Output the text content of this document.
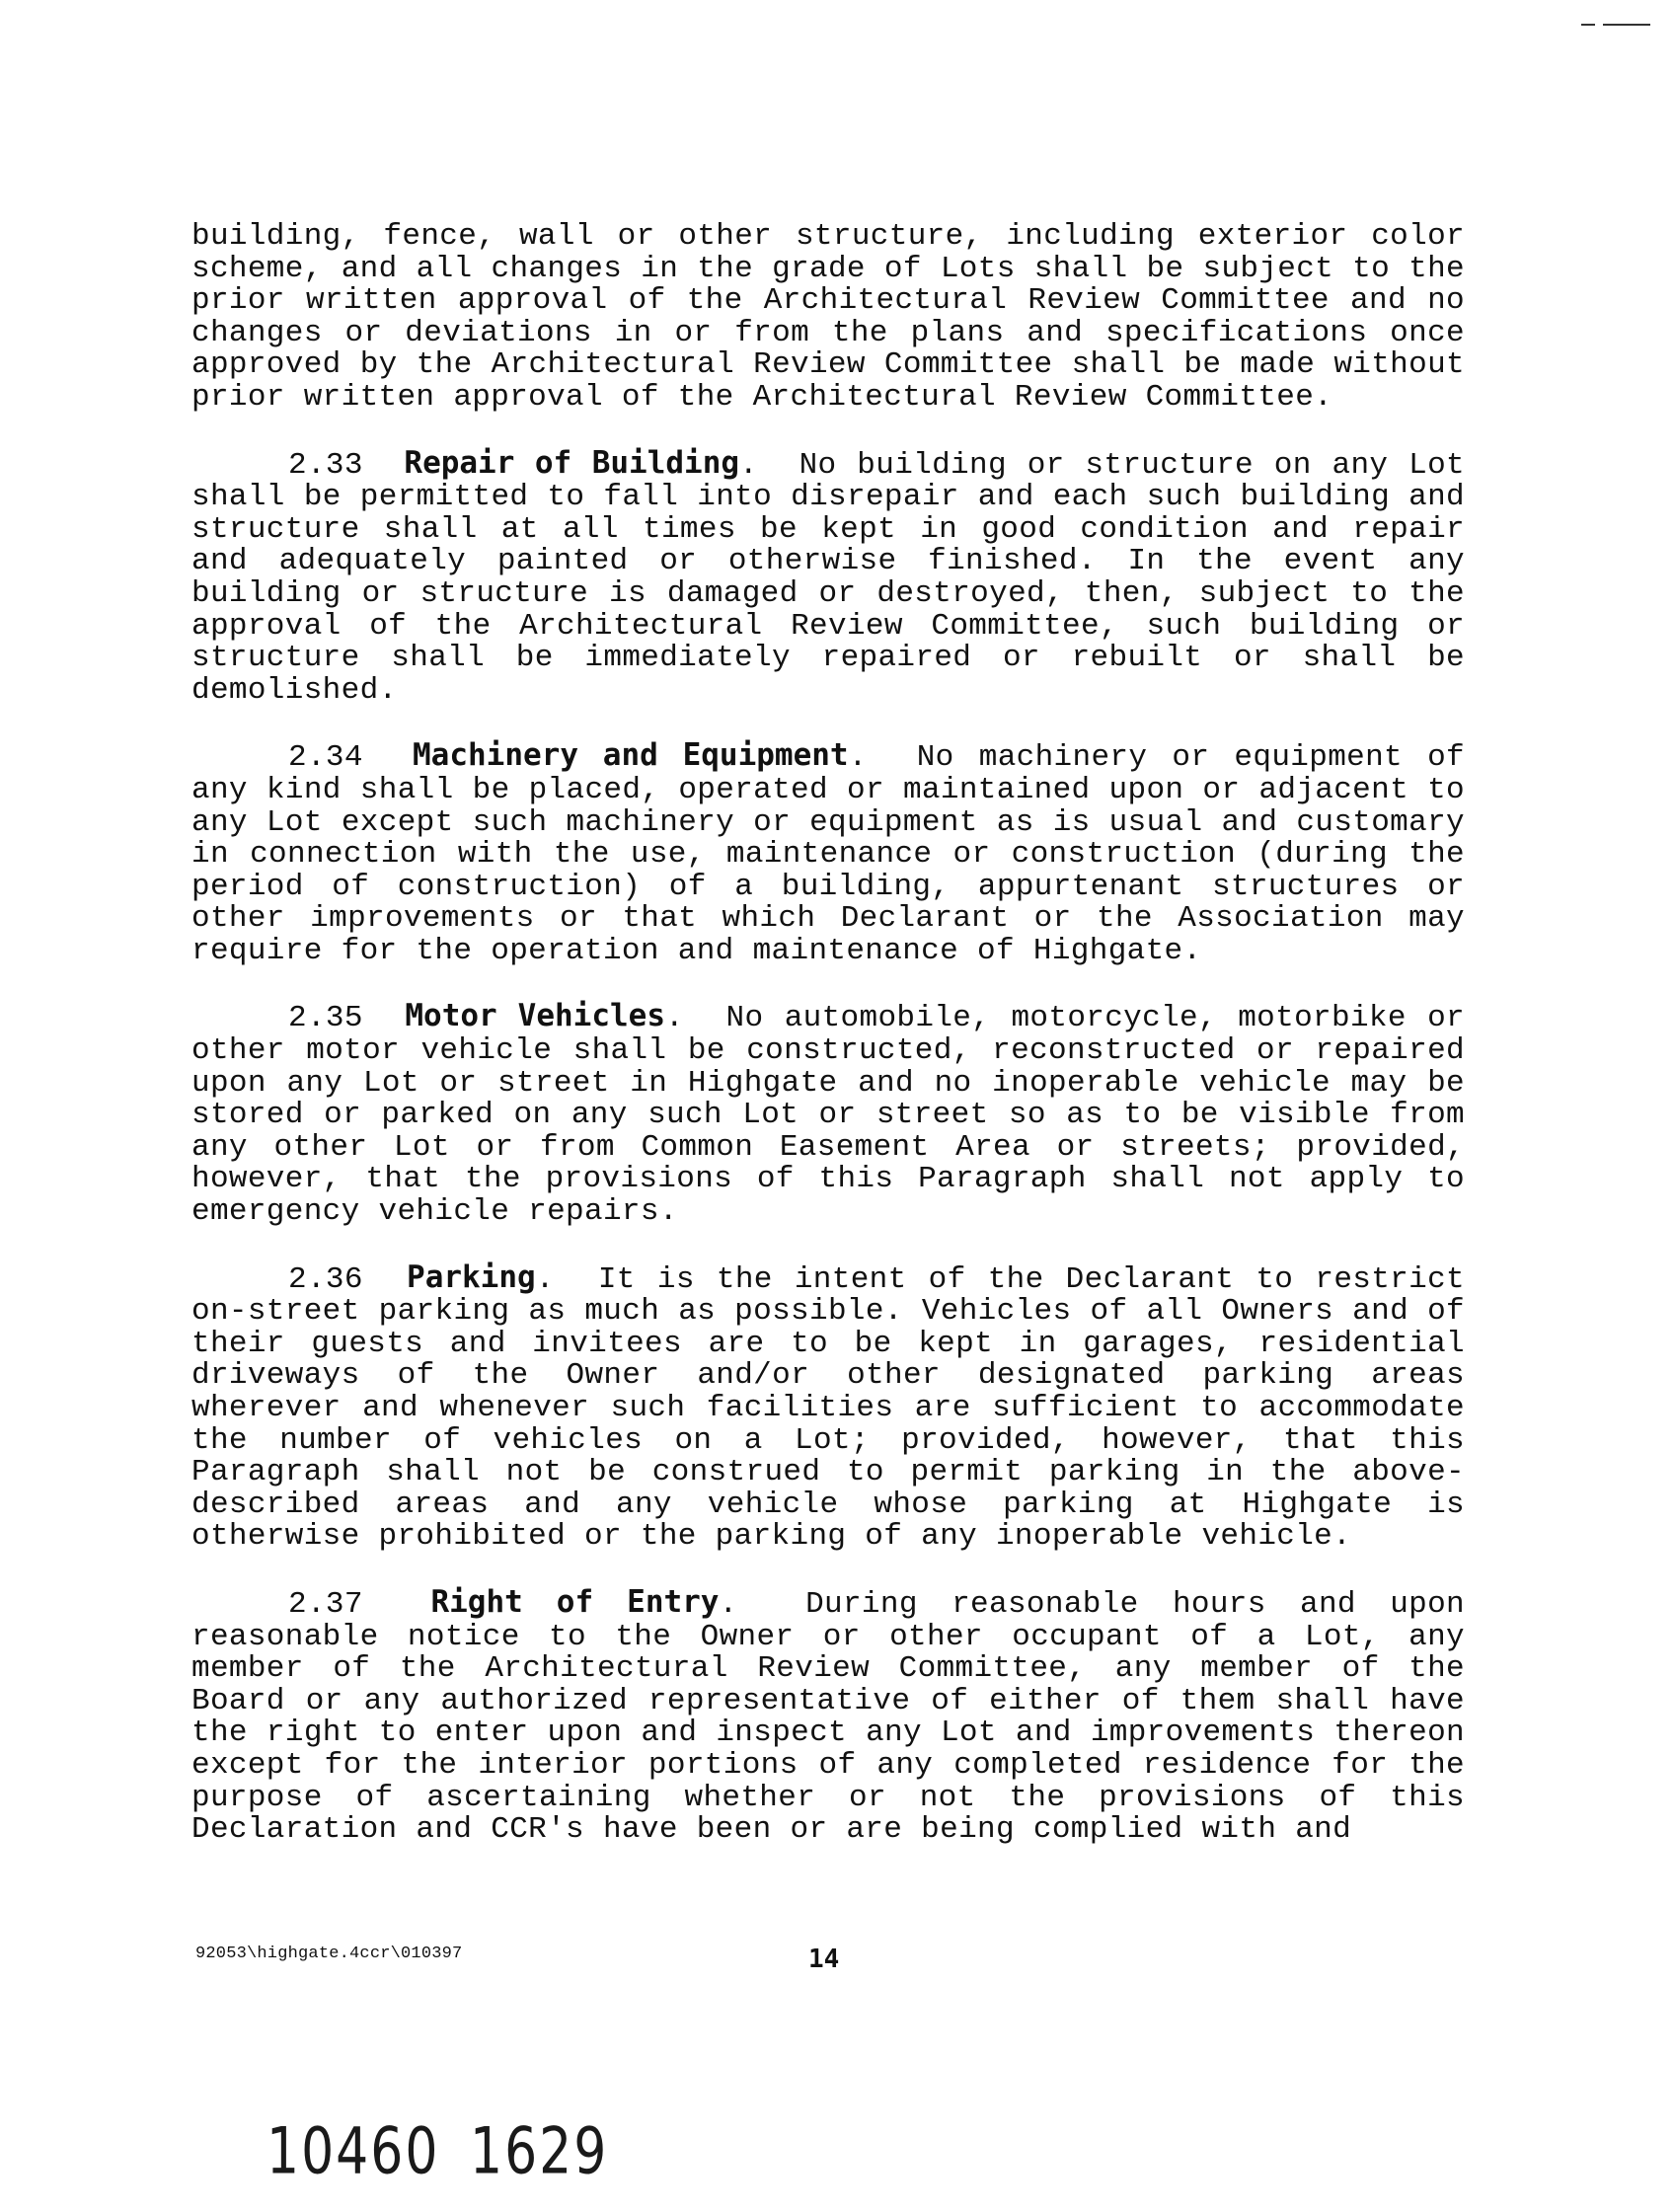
building, fence, wall or other structure, including exterior color scheme, and all changes in the grade of Lots shall be subject to the prior written approval of the Architectural Review Committee and no changes or deviations in or from the plans and specifications once approved by the Architectural Review Committee shall be made without prior written approval of the Architectural Review Committee.

2.33 Repair of Building.  No building or structure on any Lot shall be permitted to fall into disrepair and each such building and structure shall at all times be kept in good condition and repair and adequately painted or otherwise finished. In the event any building or structure is damaged or destroyed, then, subject to the approval of the Architectural Review Committee, such building or structure shall be immediately repaired or rebuilt or shall be demolished.

2.34 Machinery and Equipment.  No machinery or equipment of any kind shall be placed, operated or maintained upon or adjacent to any Lot except such machinery or equipment as is usual and customary in connection with the use, maintenance or construction (during the period of construction) of a building, appurtenant structures or other improvements or that which Declarant or the Association may require for the operation and maintenance of Highgate.

2.35 Motor Vehicles.  No automobile, motorcycle, motorbike or other motor vehicle shall be constructed, reconstructed or repaired upon any Lot or street in Highgate and no inoperable vehicle may be stored or parked on any such Lot or street so as to be visible from any other Lot or from Common Easement Area or streets; provided, however, that the provisions of this Paragraph shall not apply to emergency vehicle repairs.

2.36 Parking.  It is the intent of the Declarant to restrict on-street parking as much as possible. Vehicles of all Owners and of their guests and invitees are to be kept in garages, residential driveways of the Owner and/or other designated parking areas wherever and whenever such facilities are sufficient to accommodate the number of vehicles on a Lot; provided, however, that this Paragraph shall not be construed to permit parking in the above-described areas and any vehicle whose parking at Highgate is otherwise prohibited or the parking of any inoperable vehicle.

2.37 Right of Entry.  During reasonable hours and upon reasonable notice to the Owner or other occupant of a Lot, any member of the Architectural Review Committee, any member of the Board or any authorized representative of either of them shall have the right to enter upon and inspect any Lot and improvements thereon except for the interior portions of any completed residence for the purpose of ascertaining whether or not the provisions of this Declaration and CCR's have been or are being complied with and

92053\highgate.4ccr\010397	14
10460 1629
